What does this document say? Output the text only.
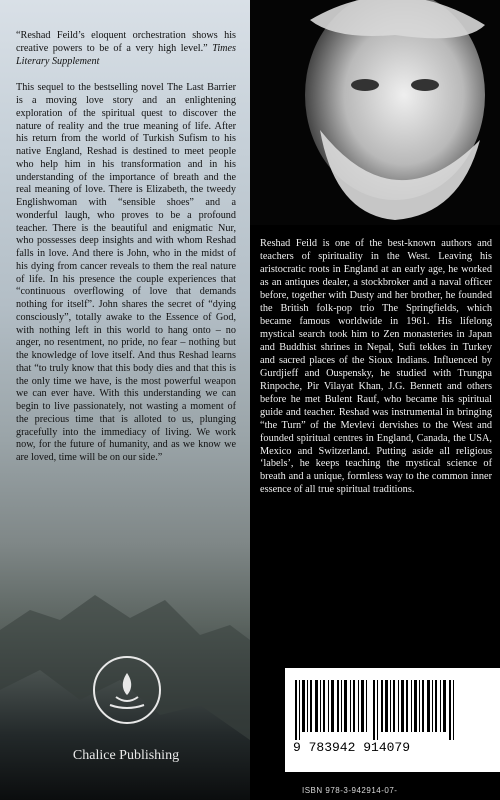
“Reshad Feild’s eloquent orchestration shows his creative powers to be of a very high level.” Times Literary Supplement

This sequel to the bestselling novel The Last Barrier is a moving love story and an enlightening exploration of the spiritual quest to discover the nature of reality and the true meaning of life. After his return from the world of Turkish Sufism to his native England, Reshad is destined to meet people who help him in his transformation and in his understanding of the importance of breath and the real meaning of love. There is Elizabeth, the tweedy Englishwoman with “sensible shoes” and a wonderful laugh, who proves to be a profound teacher. There is the beautiful and enigmatic Nur, who possesses deep insights and with whom Reshad falls in love. And there is John, who in the midst of his dying from cancer reveals to them the real nature of life. In his presence the couple experiences that “continuous overflowing of love that demands nothing for itself”. John shares the secret of “dying consciously”, totally awake to the Essence of God, with nothing left in this world to hang onto – no anger, no resentment, no pride, no fear – nothing but the knowledge of love itself. And thus Reshad learns that “to truly know that this body dies and that this is the only time we have, is the most powerful weapon we can ever have. With this understanding we can begin to live passionately, not wasting a moment of the precious time that is alloted to us, plunging gracefully into the immediacy of living. We work now, for the future of humanity, and as we know we are loved, time will be on our side.”

Chalice Publishing
Reshad Feild is one of the best-known authors and teachers of spirituality in the West. Leaving his aristocratic roots in England at an early age, he worked as an antiques dealer, a stockbroker and a naval officer before, together with Dusty and her brother, he founded the British folk-pop trio The Springfields, which became famous worldwide in 1961. His lifelong mystical search took him to Zen monasteries in Japan and Buddhist shrines in Nepal, Sufi tekkes in Turkey and sacred places of the Sioux Indians. Influenced by Gurdjieff and Ouspensky, he studied with Trungpa Rinpoche, Pir Vilayat Khan, J.G. Bennett and others before he met Bulent Rauf, who became his spiritual guide and teacher. Reshad was instrumental in bringing “the Turn” of the Mevlevi dervishes to the West and founded spiritual centres in England, Canada, the USA, Mexico and Switzerland. Putting aside all religious ‘labels’, he keeps teaching the mystical science of breath and a unique, formless way to the common inner essence of all true spiritual traditions.
9 783942 914079
ISBN 978-3-942914-07-
